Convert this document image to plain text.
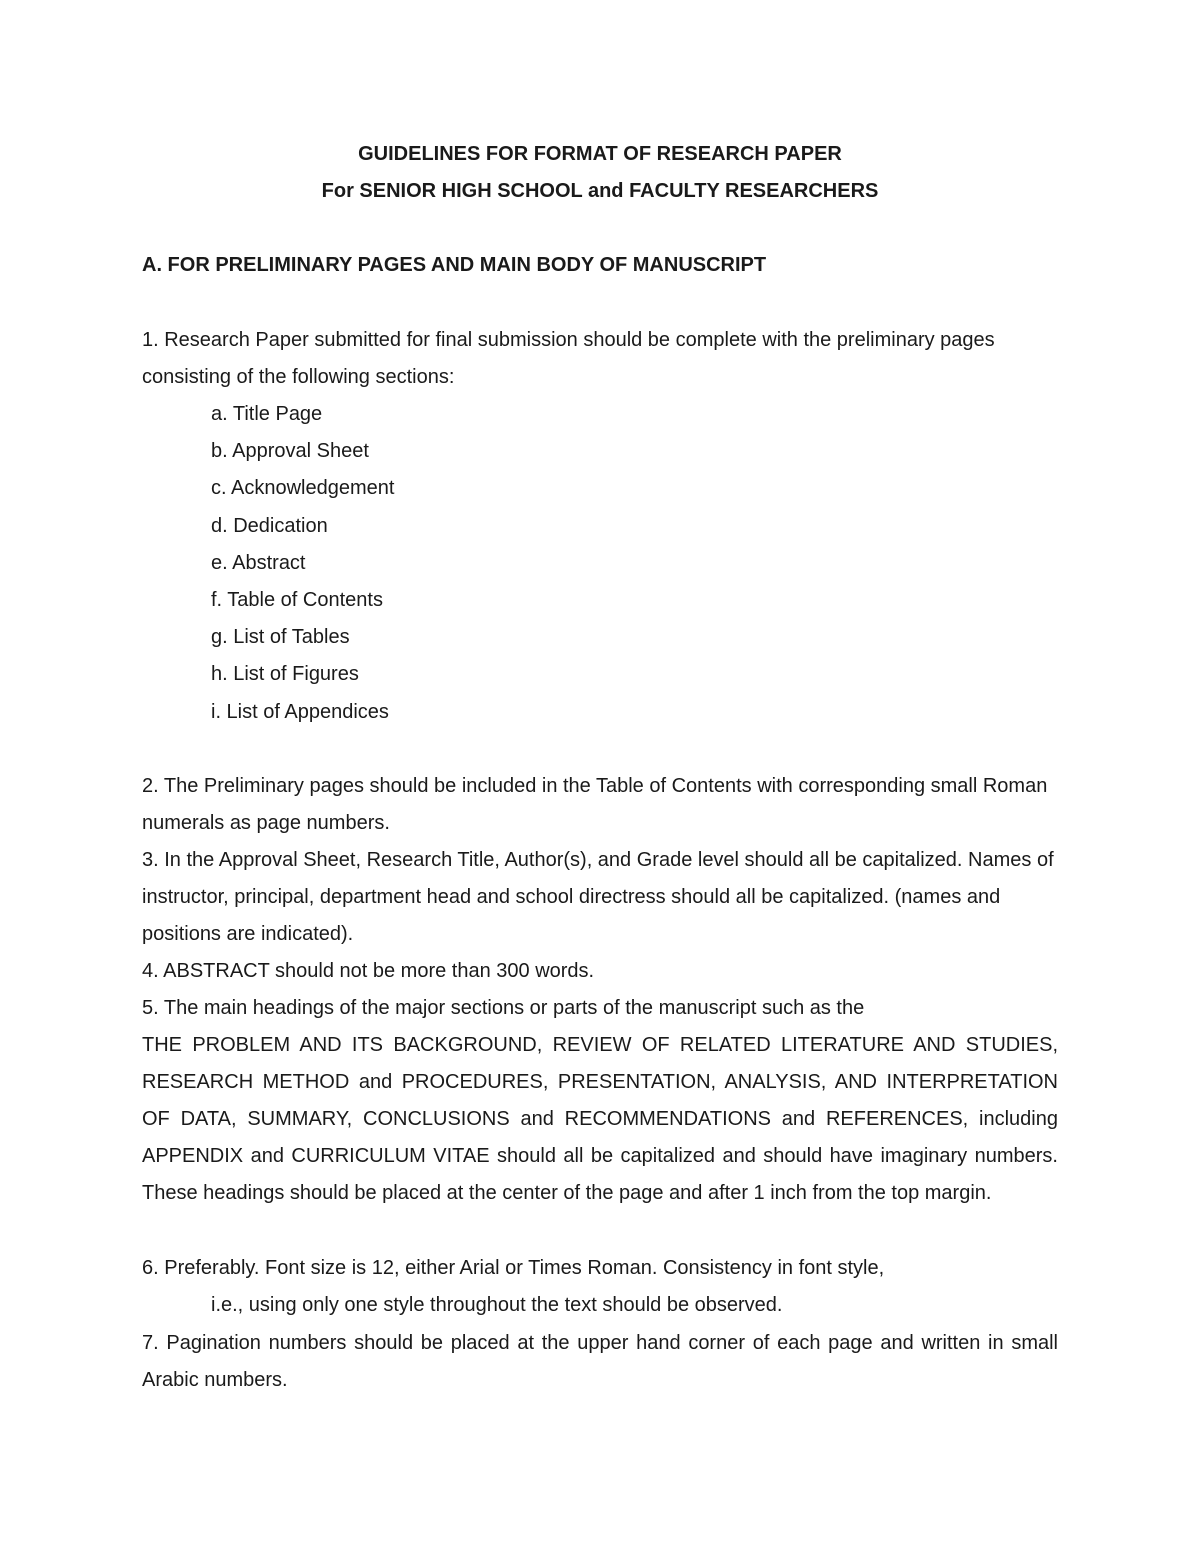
GUIDELINES FOR FORMAT OF RESEARCH PAPER

For SENIOR HIGH SCHOOL and FACULTY RESEARCHERS

A. FOR PRELIMINARY PAGES AND MAIN BODY OF MANUSCRIPT

1. Research Paper submitted for final submission should be complete with the preliminary pages consisting of the following sections:

a. Title Page
b. Approval Sheet
c. Acknowledgement
d. Dedication
e. Abstract
f. Table of Contents
g. List of Tables
h. List of Figures
i. List of Appendices

2. The Preliminary pages should be included in the Table of Contents with corresponding small Roman numerals as page numbers.

3. In the Approval Sheet, Research Title, Author(s), and Grade level should all be capitalized. Names of instructor, principal, department head and school directress should all be capitalized. (names and positions are indicated).

4. ABSTRACT should not be more than 300 words.

5. The main headings of the major sections or parts of the manuscript such as the

THE PROBLEM AND ITS BACKGROUND, REVIEW OF RELATED LITERATURE AND STUDIES, RESEARCH METHOD and PROCEDURES, PRESENTATION, ANALYSIS, AND INTERPRETATION OF DATA, SUMMARY, CONCLUSIONS and RECOMMENDATIONS and REFERENCES, including APPENDIX and CURRICULUM VITAE should all be capitalized and should have imaginary numbers. These headings should be placed at the center of the page and after 1 inch from the top margin.

6. Preferably. Font size is 12, either Arial or Times Roman. Consistency in font style,

i.e., using only one style throughout the text should be observed.

7. Pagination numbers should be placed at the upper hand corner of each page and written in small Arabic numbers.
